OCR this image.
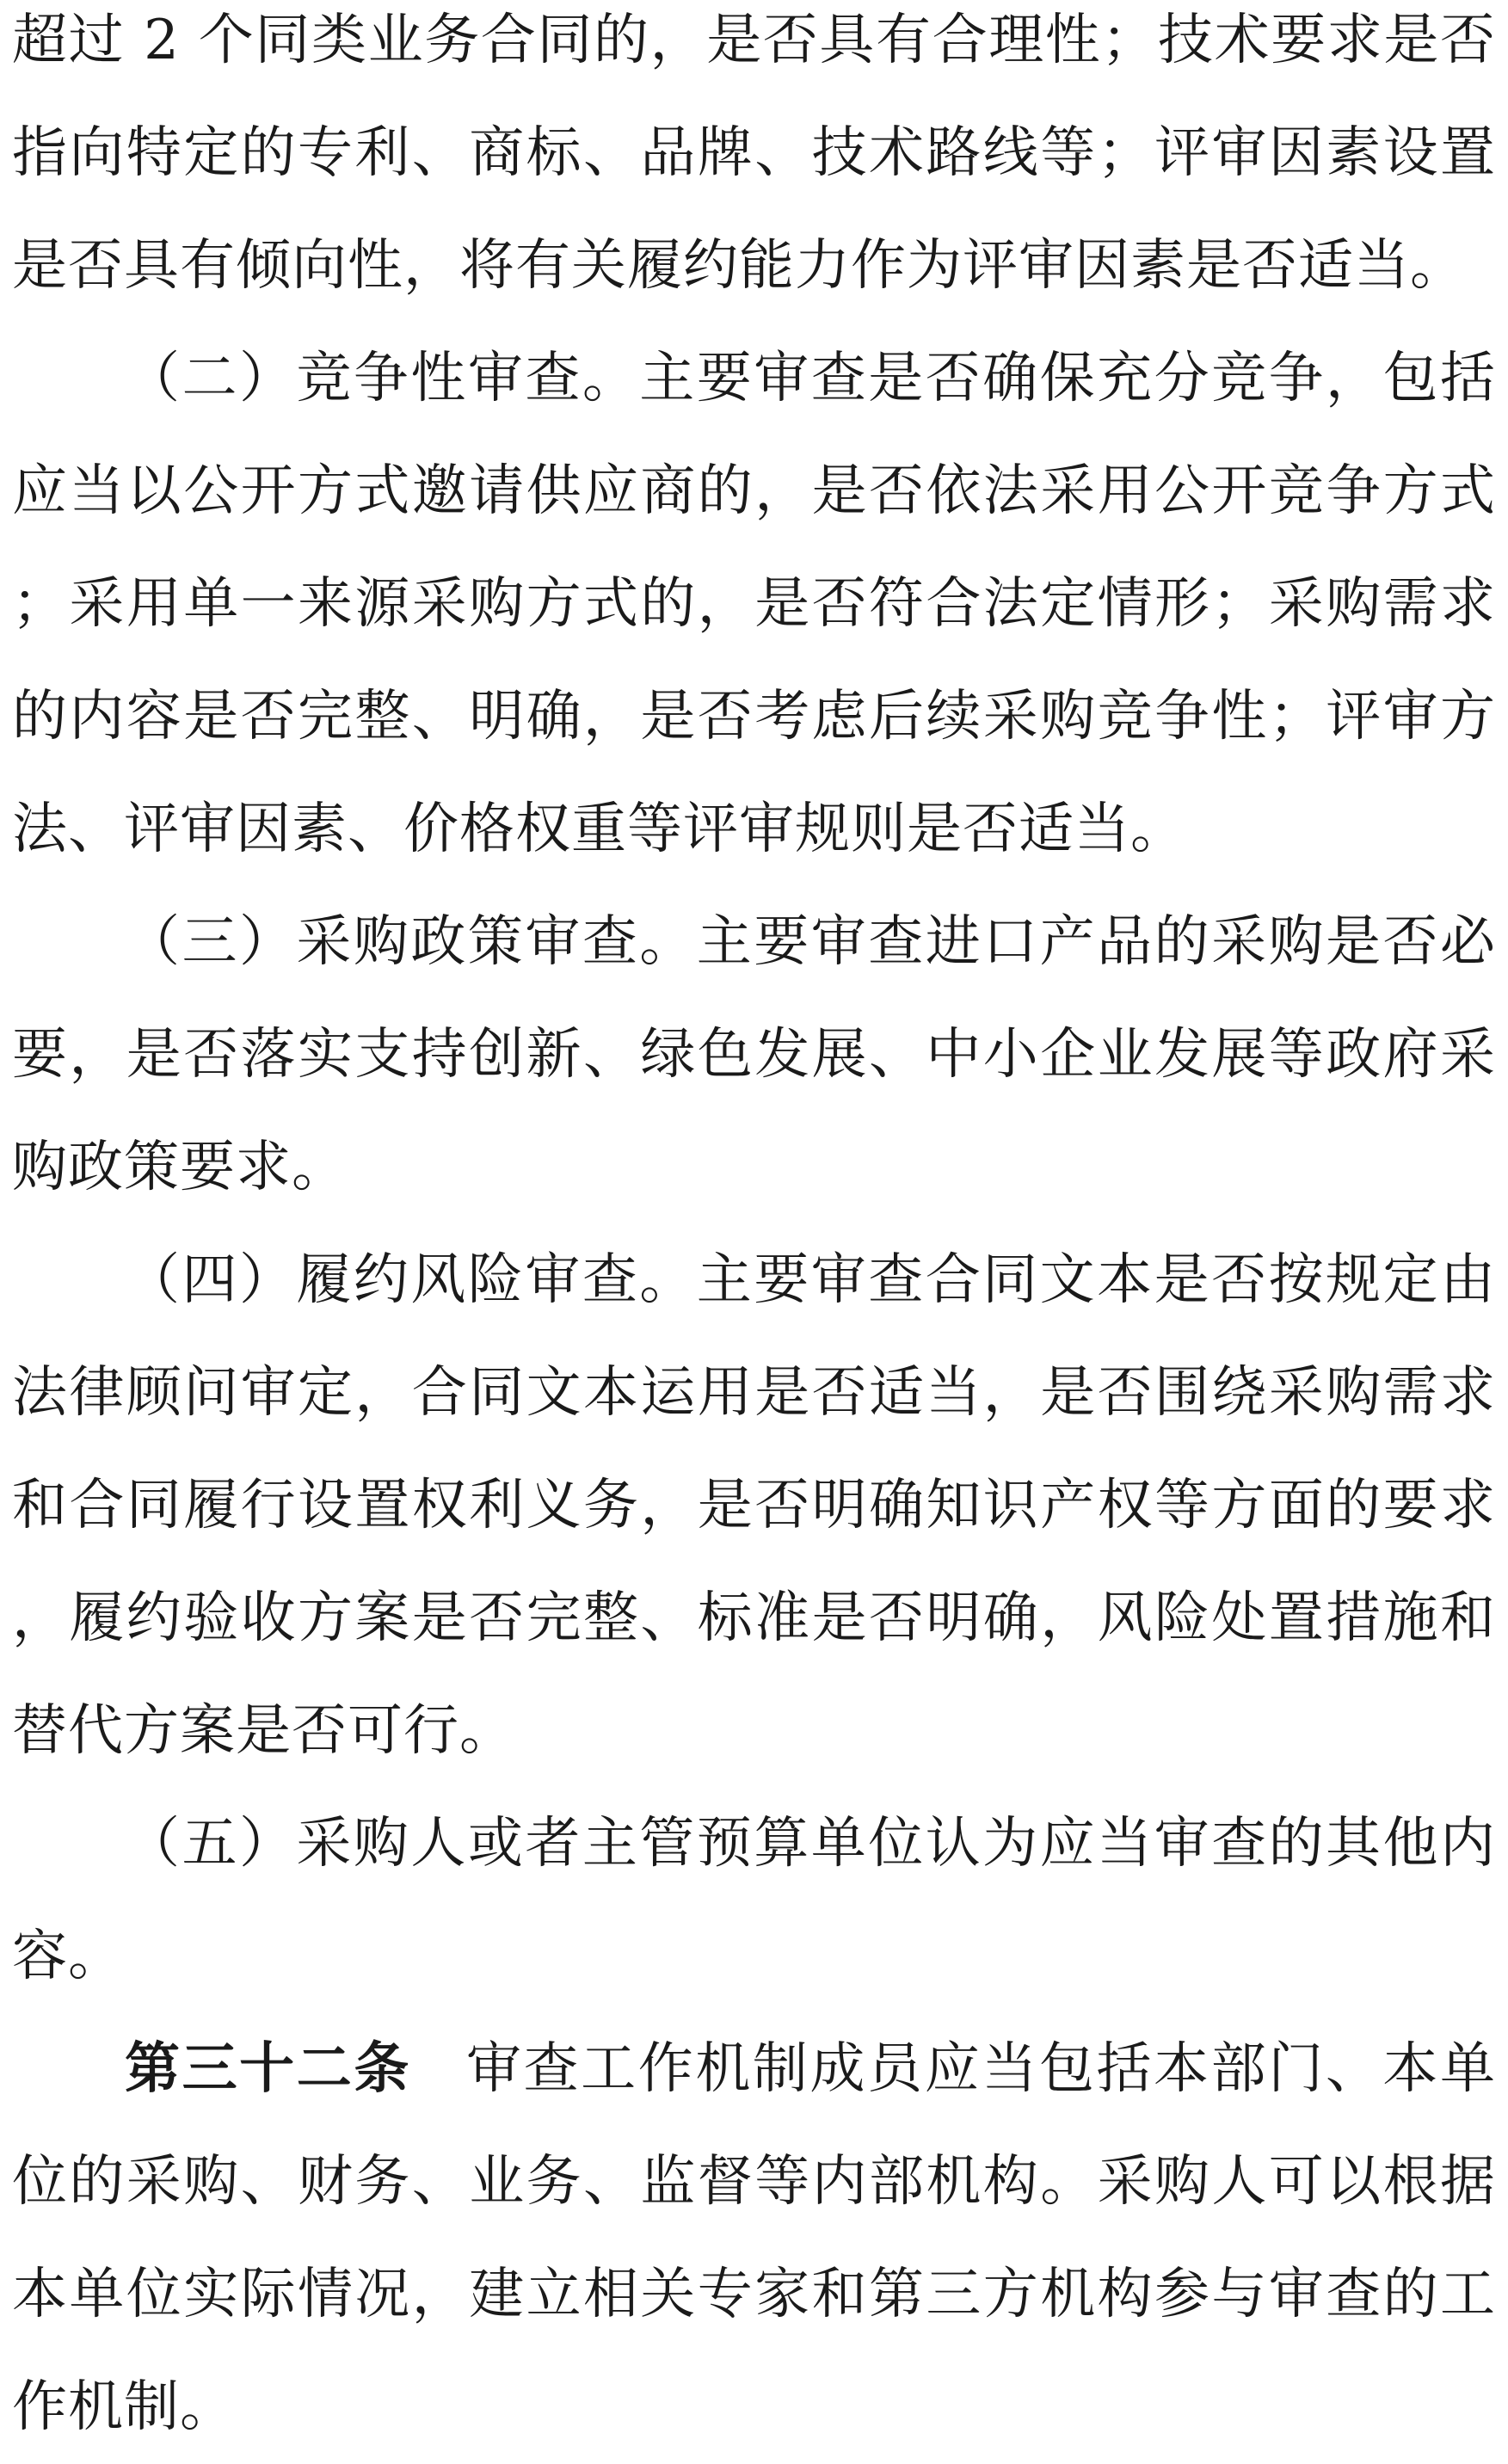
超过 2 个同类业务合同的，是否具有合理性；技术要求是否指向特定的专利、商标、品牌、技术路线等；评审因素设置是否具有倾向性，将有关履约能力作为评审因素是否适当。

（二）竞争性审查。主要审查是否确保充分竞争，包括应当以公开方式邀请供应商的，是否依法采用公开竞争方式；采用单一来源采购方式的，是否符合法定情形；采购需求的内容是否完整、明确，是否考虑后续采购竞争性；评审方法、评审因素、价格权重等评审规则是否适当。

（三）采购政策审查。主要审查进口产品的采购是否必要，是否落实支持创新、绿色发展、中小企业发展等政府采购政策要求。

（四）履约风险审查。主要审查合同文本是否按规定由法律顾问审定，合同文本运用是否适当，是否围绕采购需求和合同履行设置权利义务，是否明确知识产权等方面的要求，履约验收方案是否完整、标准是否明确，风险处置措施和替代方案是否可行。

（五）采购人或者主管预算单位认为应当审查的其他内容。

第三十二条 审查工作机制成员应当包括本部门、本单位的采购、财务、业务、监督等内部机构。采购人可以根据本单位实际情况，建立相关专家和第三方机构参与审查的工作机制。
